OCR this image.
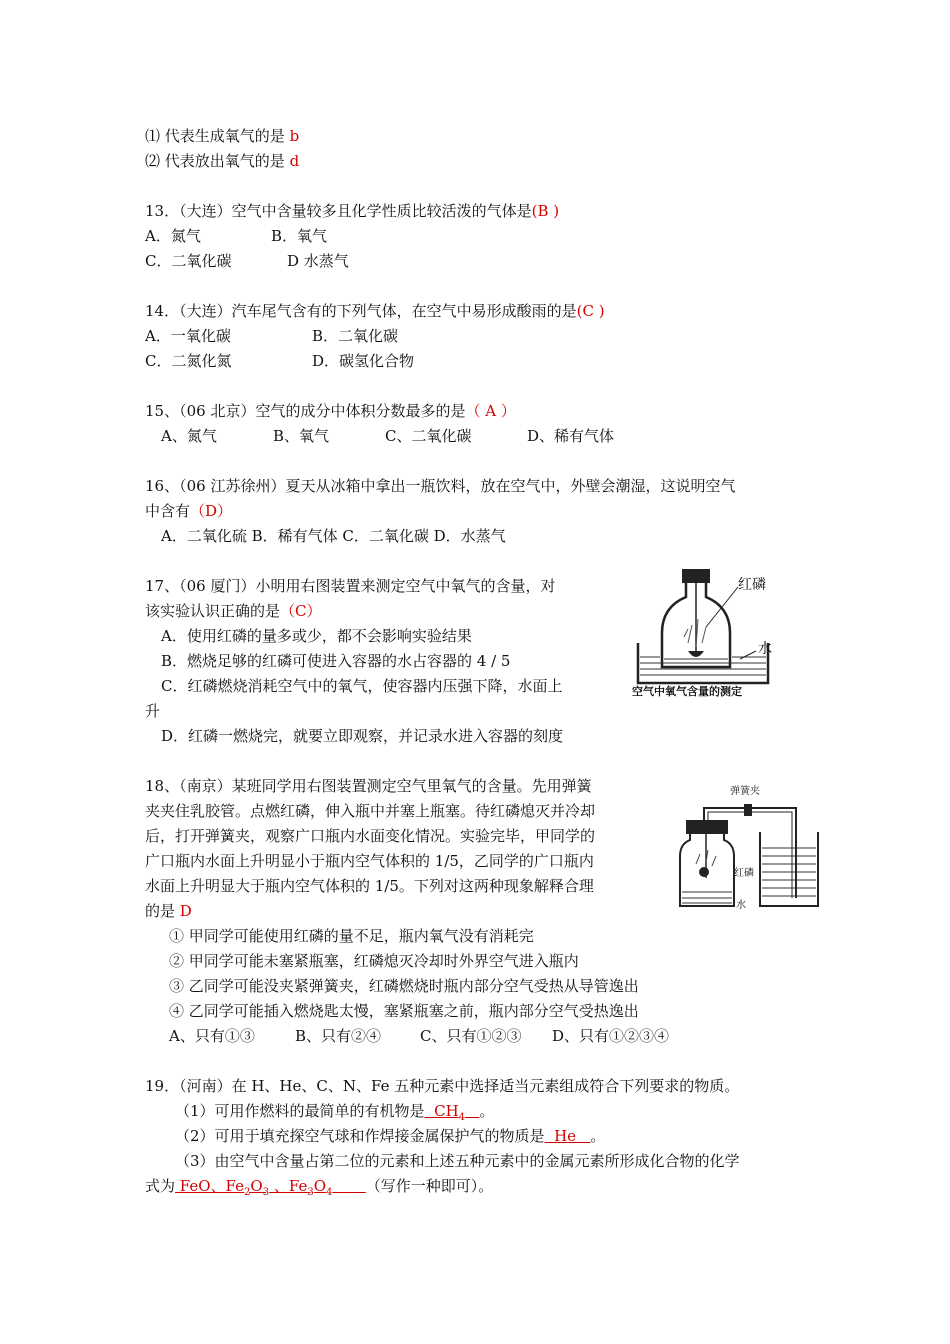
⑴ 代表生成氧气的是 b
⑵ 代表放出氧气的是 d
13．（大连）空气中含量较多且化学性质比较活泼的气体是(B )
A．氮气	B．氧气
C．二氧化碳	D 水蒸气
14．（大连）汽车尾气含有的下列气体，在空气中易形成酸雨的是(C )
A．一氧化碳	B．二氧化碳
C．二氮化氮	D．碳氢化合物
15、（06 北京）空气的成分中体积分数最多的是（ A ）
A、氮气	B、氧气	C、二氧化碳	D、稀有气体
16、（06 江苏徐州）夏天从冰箱中拿出一瓶饮料，放在空气中，外壁会潮湿，这说明空气
中含有（D）
A．二氧化硫 B．稀有气体 C．二氧化碳 D．水蒸气
17、（06 厦门）小明用右图装置来测定空气中氧气的含量，对
该实验认识正确的是（C）
A．使用红磷的量多或少，都不会影响实验结果
B．燃烧足够的红磷可使进入容器的水占容器的 4 / 5
C．红磷燃烧消耗空气中的氧气，使容器内压强下降，水面上
升
D．红磷一燃烧完，就要立即观察，并记录水进入容器的刻度
18、（南京）某班同学用右图装置测定空气里氧气的含量。先用弹簧
夹夹住乳胶管。点燃红磷，伸入瓶中并塞上瓶塞。待红磷熄灭并冷却
后，打开弹簧夹，观察广口瓶内水面变化情况。实验完毕，甲同学的
广口瓶内水面上升明显小于瓶内空气体积的 1/5，乙同学的广口瓶内
水面上升明显大于瓶内空气体积的 1/5。下列对这两种现象解释合理
的是 D
① 甲同学可能使用红磷的量不足，瓶内氧气没有消耗完
② 甲同学可能未塞紧瓶塞，红磷熄灭冷却时外界空气进入瓶内
③ 乙同学可能没夹紧弹簧夹，红磷燃烧时瓶内部分空气受热从导管逸出
④ 乙同学可能插入燃烧匙太慢，塞紧瓶塞之前，瓶内部分空气受热逸出
A、只有①③	B、只有②④	C、只有①②③ D、只有①②③④
19．（河南）在 H、He、C、N、Fe 五种元素中选择适当元素组成符合下列要求的物质。
（1）可用作燃料的最简单的有机物是 $CH_4$ 。
（2）可用于填充探空气球和作焊接金属保护气的物质是 He 。
（3）由空气中含量占第二位的元素和上述五种元素中的金属元素所形成化合物的化学
式为 FeO、$Fe_2O_3$ 、$Fe_3O_4$ （写作一种即可）。
红磷
水
空气中氧气含量的测定
弹簧夹
红磷
水
